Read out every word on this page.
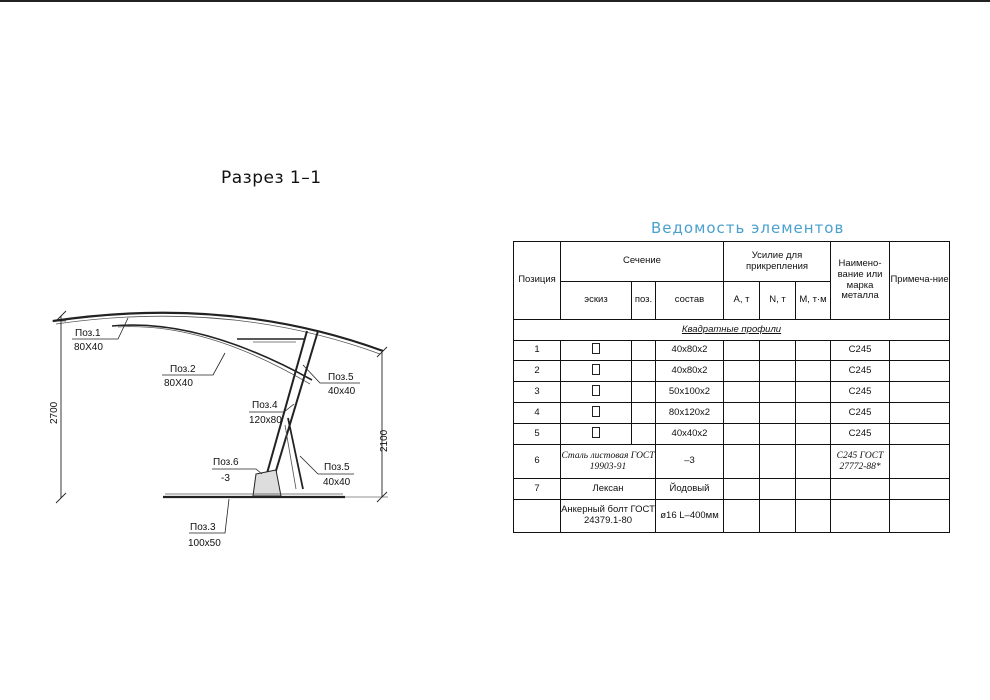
Разрез 1–1
2700
2100
Поз.1
80Х40
Поз.2
80Х40
Поз.5
40х40
Поз.4
120х80
Поз.6
-3
Поз.5
40х40
Поз.3
100х50
Ведомость элементов
Позиция	Сечение			Усилие для прикрепления			Наимено-вание или марка металла	Примеча-ние
	эскиз	поз.	состав	А, т	N, т	М, т·м		
Квадратные профили								
1			40х80х2				С245	
2			40х80х2				С245	
3			50х100х2				С245	
4			80х120х2				С245	
5			40х40х2				С245	
6	Сталь листовая ГОСТ 19903-91		–3				С245 ГОСТ 27772-88*	
7	Лексан		Йодовый					
	Анкерный болт ГОСТ 24379.1-80		ø16 L–400мм					
